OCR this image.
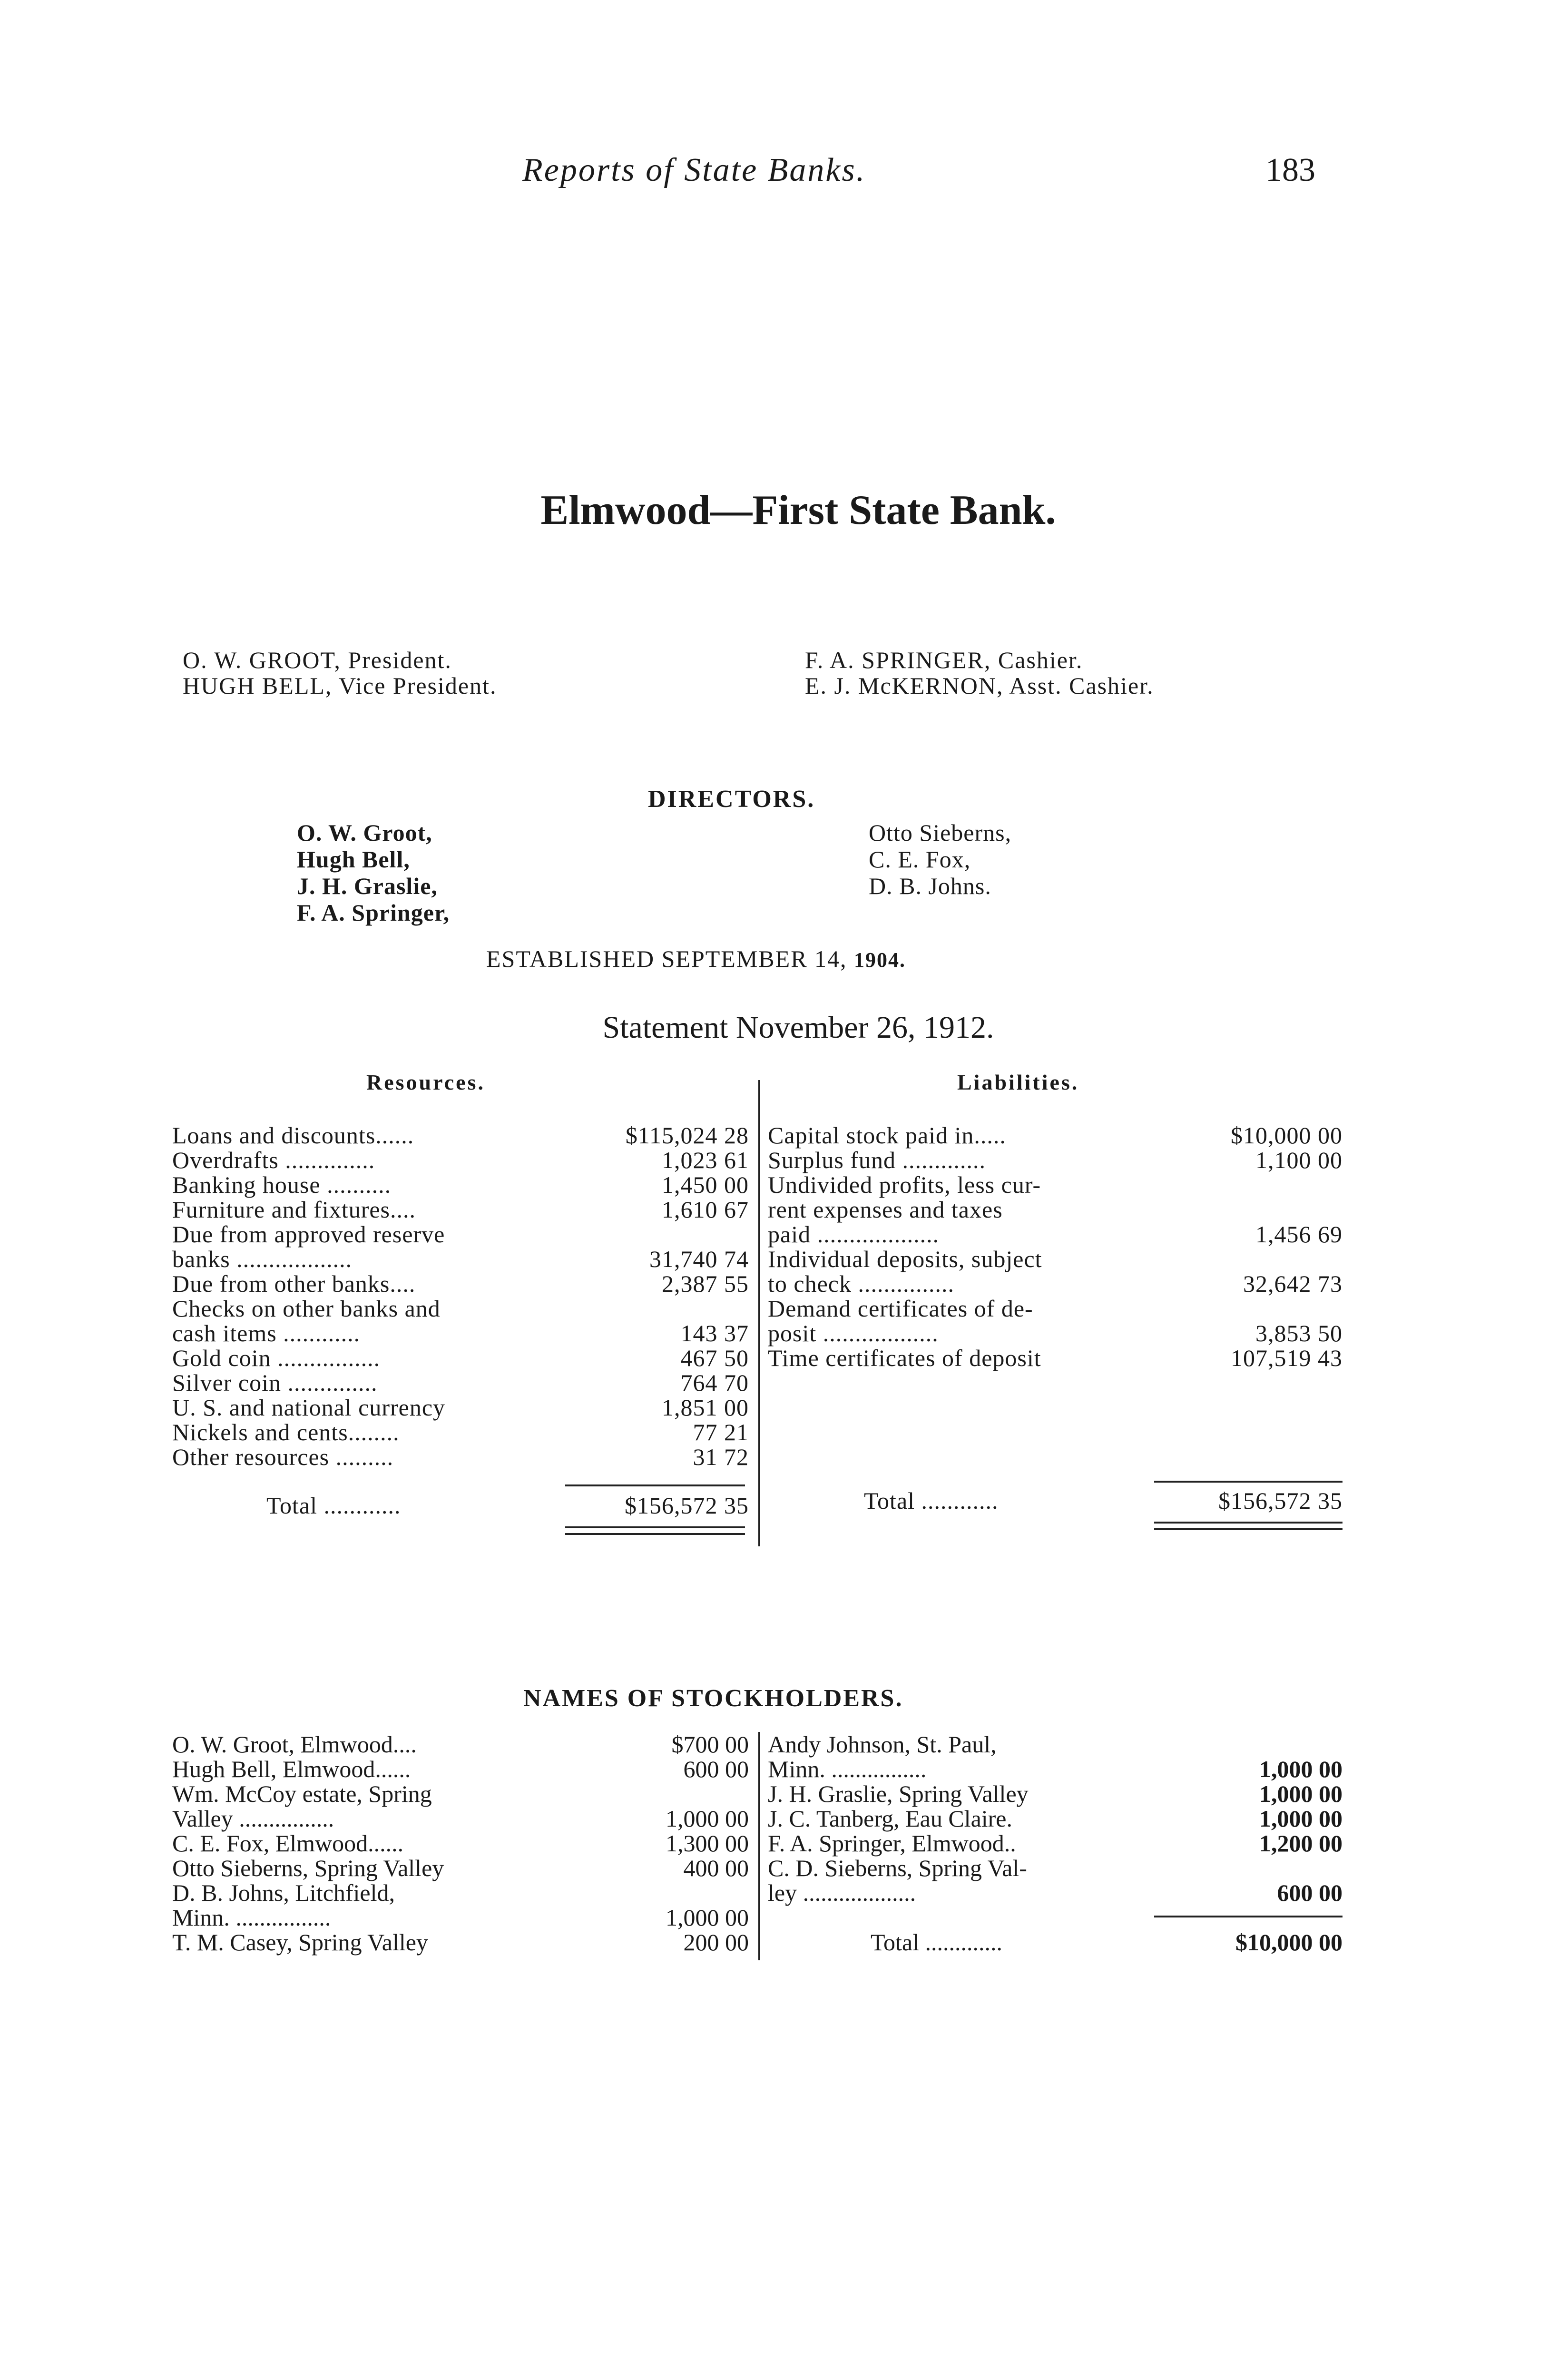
Reports of State Banks.	183
Elmwood—First State Bank.
O. W. GROOT, President.
HUGH BELL, Vice President.
F. A. SPRINGER, Cashier.
E. J. McKERNON, Asst. Cashier.
DIRECTORS.
O. W. Groot,
Hugh Bell,
J. H. Graslie,
F. A. Springer,
Otto Sieberns,
C. E. Fox,
D. B. Johns.
ESTABLISHED SEPTEMBER 14, 1904.
Statement November 26, 1912.
Resources.	Liabilities.
Loans and discounts......	$115,024 28
Overdrafts ..............	1,023 61
Banking house ..........	1,450 00
Furniture and fixtures....	1,610 67
Due from approved reserve
banks ..................	31,740 74
Due from other banks....	2,387 55
Checks on other banks and
cash items ............	143 37
Gold coin ................	467 50
Silver coin ..............	764 70
U. S. and national currency	1,851 00
Nickels and cents........	77 21
Other resources .........	31 72
Total ............	$156,572 35
Capital stock paid in.....	$10,000 00
Surplus fund .............	1,100 00
Undivided profits, less cur-
rent expenses and taxes
paid ...................	1,456 69
Individual deposits, subject
to check ...............	32,642 73
Demand certificates of de-
posit ..................	3,853 50
Time certificates of deposit	107,519 43
Total ............	$156,572 35
NAMES OF STOCKHOLDERS.
O. W. Groot, Elmwood....	$700 00
Hugh Bell, Elmwood......	600 00
Wm. McCoy estate, Spring
Valley ................	1,000 00
C. E. Fox, Elmwood......	1,300 00
Otto Sieberns, Spring Valley	400 00
D. B. Johns, Litchfield,
Minn. ................	1,000 00
T. M. Casey, Spring Valley	200 00
Andy Johnson, St. Paul,
Minn. ................	1,000 00
J. H. Graslie, Spring Valley	1,000 00
J. C. Tanberg, Eau Claire.	1,000 00
F. A. Springer, Elmwood..	1,200 00
C. D. Sieberns, Spring Val-
ley ...................	600 00
Total .............	$10,000 00
